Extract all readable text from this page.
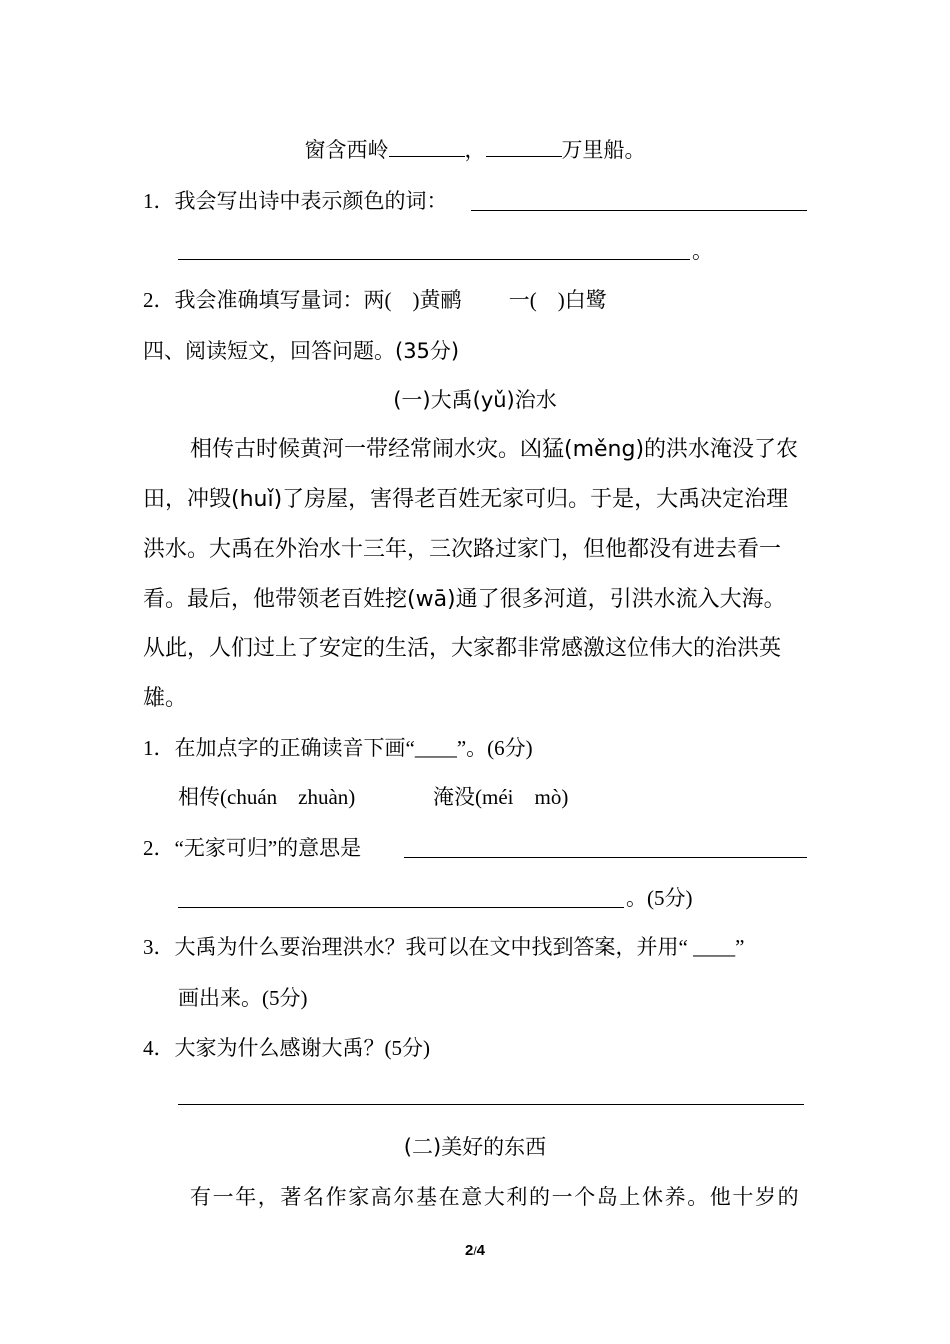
窗含西岭	，	万里船。
1．我会写出诗中表示颜色的词：
。
2．我会准确填写量词：两(　)黄鹂　　 一(　)白鹭
四、阅读短文，回答问题。(35分)
(一)大禹(yǔ)治水
相传古时候黄河一带经常闹水灾。凶猛(měng)的洪水淹没了农
田，冲毁(huǐ)了房屋，害得老百姓无家可归。于是，大禹决定治理
洪水。大禹在外治水十三年，三次路过家门，但他都没有进去看一
看。最后，他带领老百姓挖(wā)通了很多河道，引洪水流入大海。
从此，人们过上了安定的生活，大家都非常感激这位伟大的治洪英
雄。
1．在加点字的正确读音下画“____”。(6分)
相传(chuán　zhuàn)	淹没(méi　mò)
2．“无家可归”的意思是
。(5分)
3．大禹为什么要治理洪水？我可以在文中找到答案，并用“ ____”
画出来。(5分)
4．大家为什么感谢大禹？(5分)
(二)美好的东西
有一年，著名作家高尔基在意大利的一个岛上休养。他十岁的
2/4
